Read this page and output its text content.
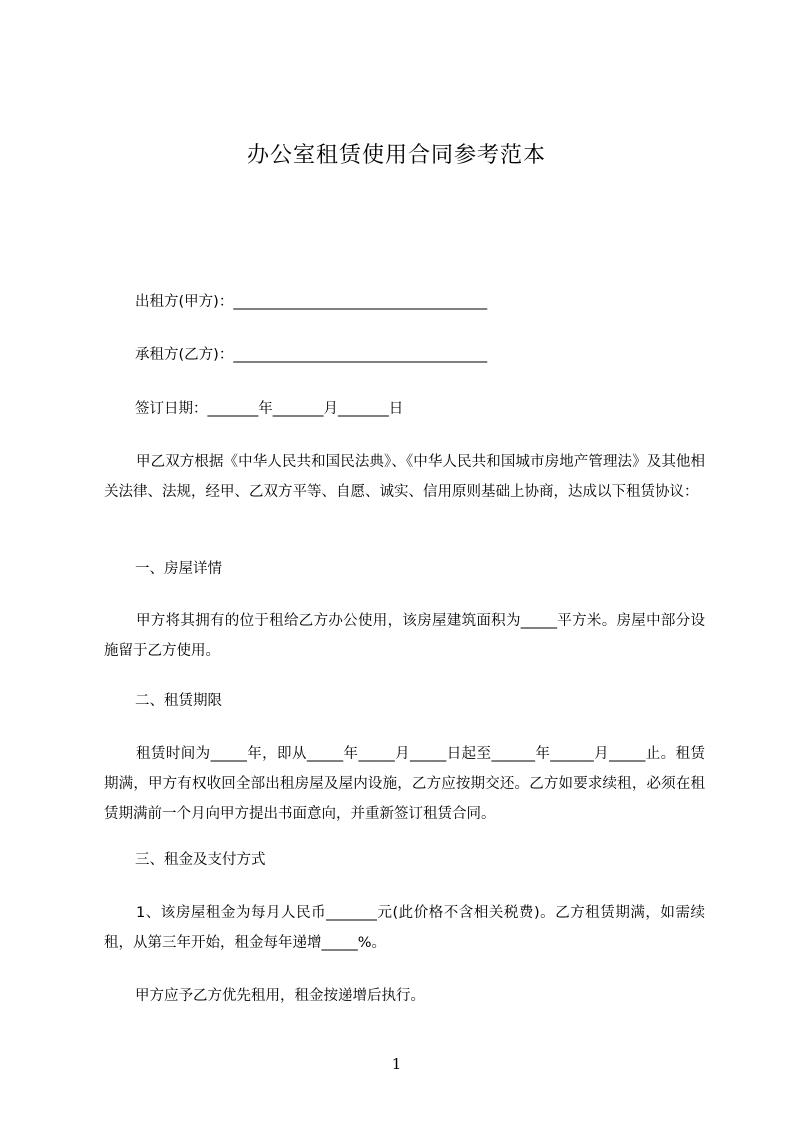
办公室租赁使用合同参考范本
出租方(甲方)：___________________________________
承租方(乙方)：___________________________________
签订日期：_______年_______月_______日

甲乙双方根据《中华人民共和国民法典》、《中华人民共和国城市房地产管理法》及其他相关法律、法规，经甲、乙双方平等、自愿、诚实、信用原则基础上协商，达成以下租赁协议：

一、房屋详情

甲方将其拥有的位于租给乙方办公使用，该房屋建筑面积为_____平方米。房屋中部分设施留于乙方使用。

二、租赁期限

租赁时间为_____年，即从_____年_____月_____日起至______年______月_____止。租赁期满，甲方有权收回全部出租房屋及屋内设施，乙方应按期交还。乙方如要求续租，必须在租赁期满前一个月向甲方提出书面意向，并重新签订租赁合同。

三、租金及支付方式

1、该房屋租金为每月人民币_______元(此价格不含相关税费)。乙方租赁期满，如需续租，从第三年开始，租金每年递增_____%。

甲方应予乙方优先租用，租金按递增后执行。
1
